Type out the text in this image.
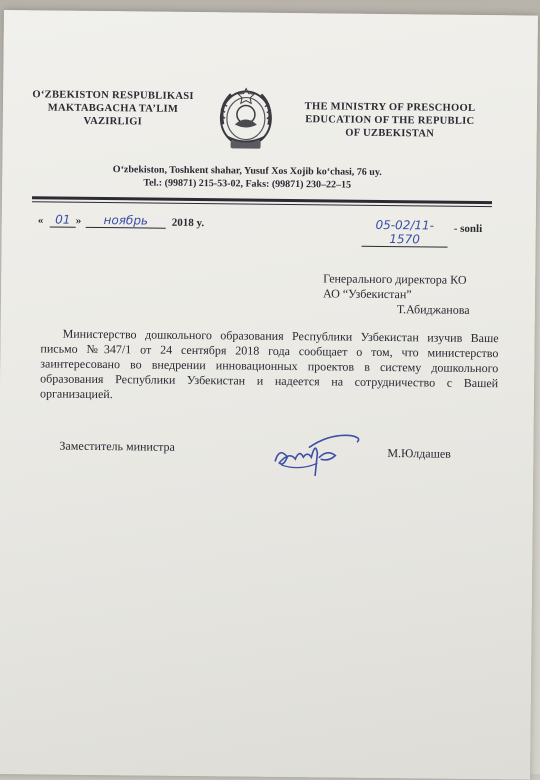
O‘ZBEKISTON RESPUBLIKASI
MAKTABGACHA TA’LIM
VAZIRLIGI
THE MINISTRY OF PRESCHOOL
EDUCATION OF THE REPUBLIC
OF UZBEKISTAN
O‘zbekiston, Toshkent shahar, Yusuf Xos Xojib ko‘chasi, 76 uy.
Tel.: (99871) 215-53-02, Faks: (99871) 230–22–15
« 01 »	ноябрь	2018 y.	05-02/11-1570
- sonli
Генерального директора КО
АО “Узбекистан”
Т.Абиджанова
Министерство дошкольного образования Республики Узбекистан изучив Ваше письмо №347/1 от 24 сентября 2018 года сообщает о том, что министерство заинтересовано во внедрении инновационных проектов в систему дошкольного образования Республики Узбекистан и надеется на сотрудничество с Вашей организацией.
Заместитель министра	М.Юлдашев
